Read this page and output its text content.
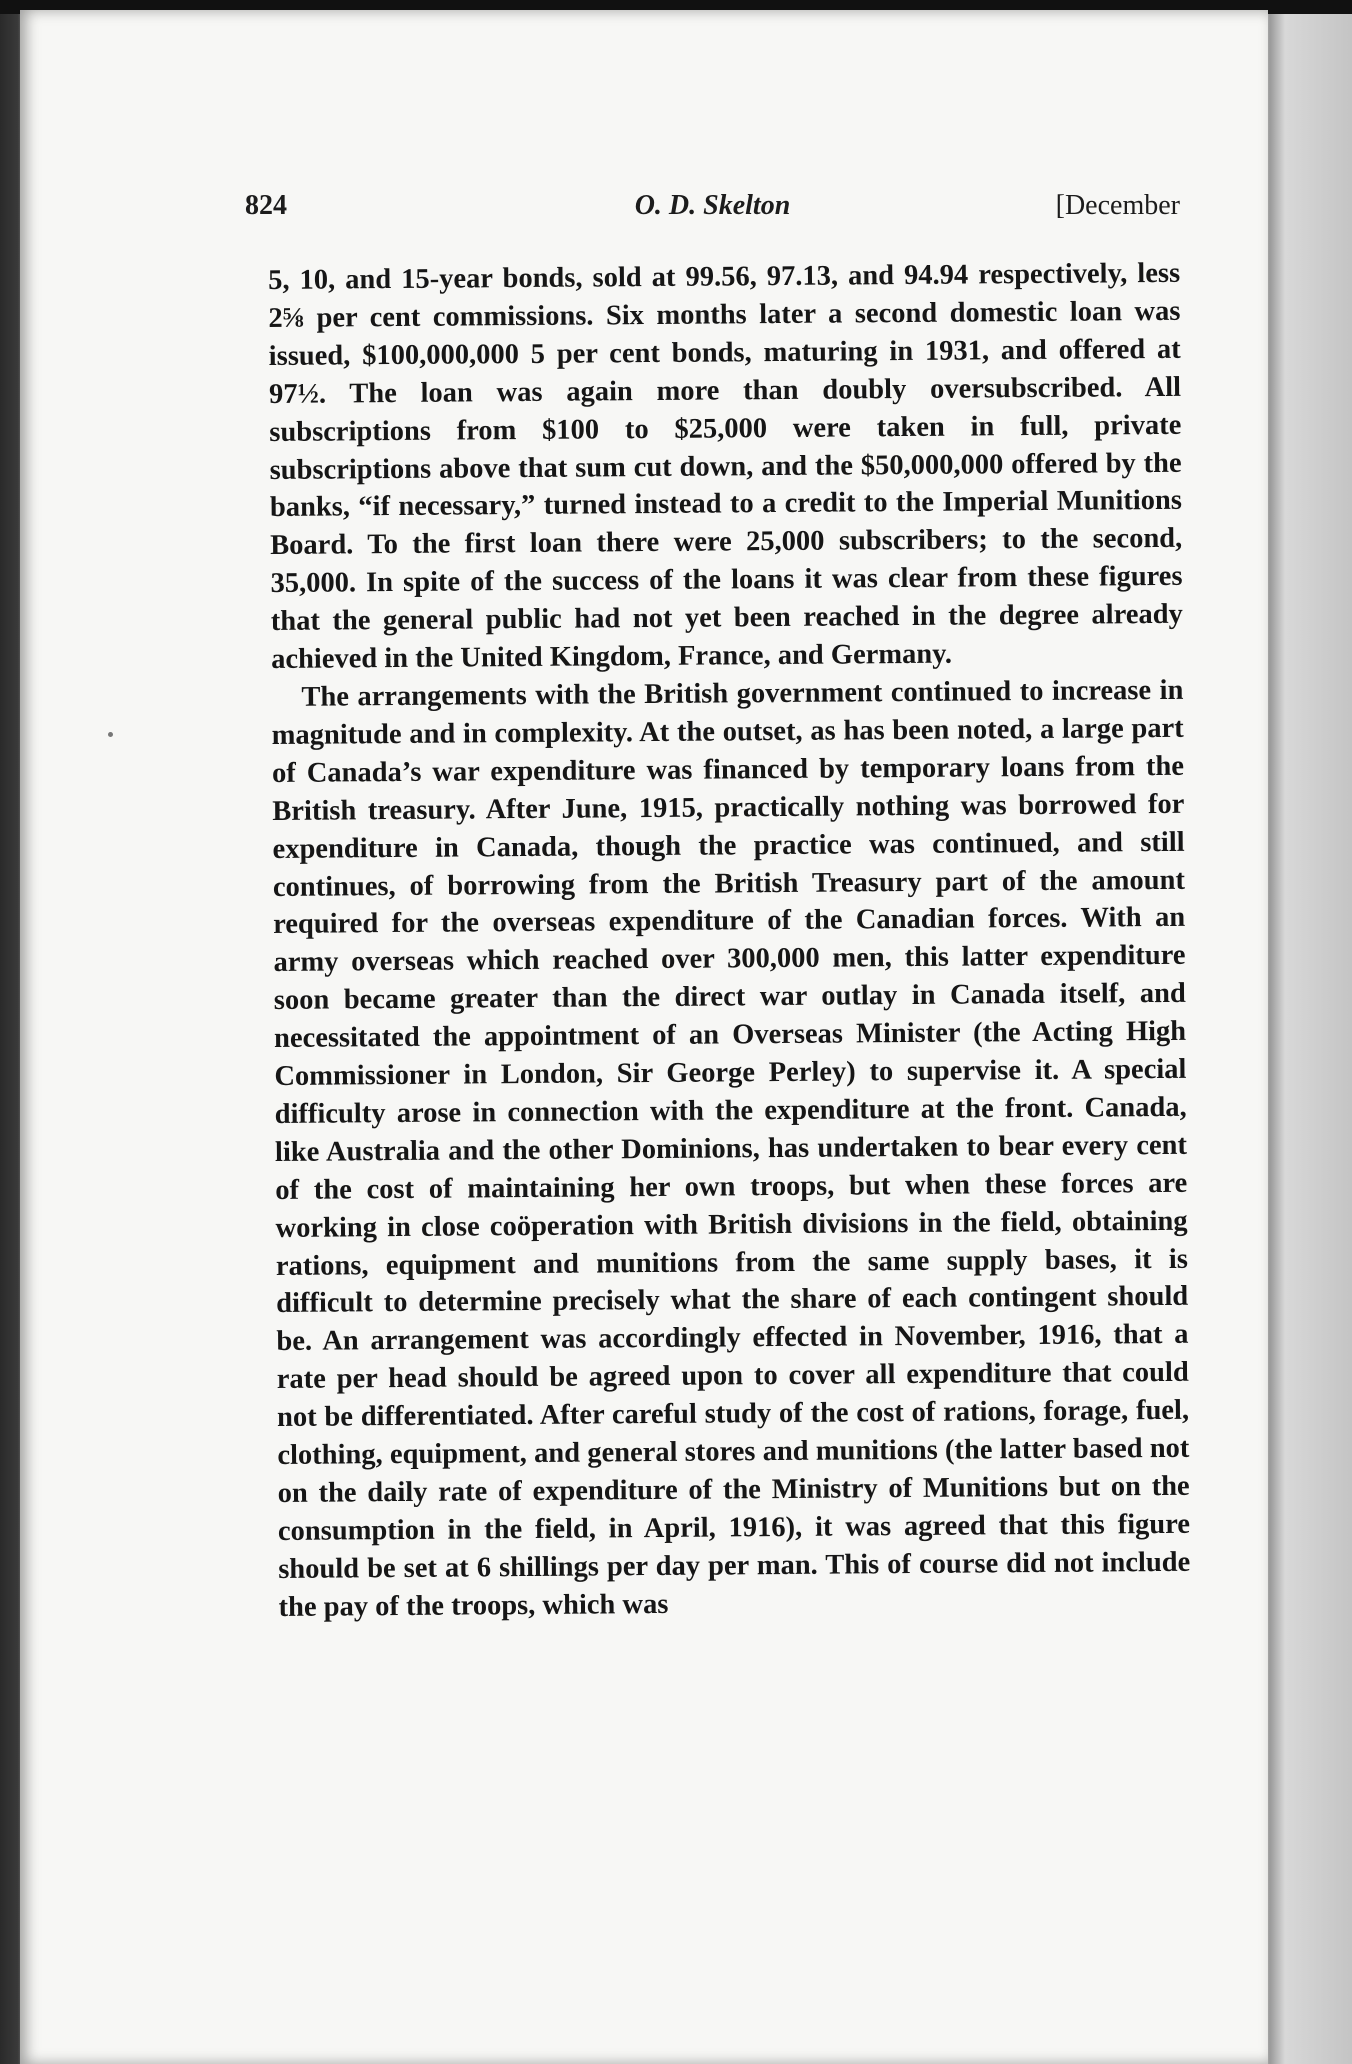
824	O. D. Skelton	[December

5, 10, and 15-year bonds, sold at 99.56, 97.13, and 94.94 respectively, less 2⅝ per cent commissions. Six months later a second domestic loan was issued, $100,000,000 5 per cent bonds, maturing in 1931, and offered at 97½. The loan was again more than doubly oversubscribed. All subscriptions from $100 to $25,000 were taken in full, private subscriptions above that sum cut down, and the $50,000,000 offered by the banks, “if necessary,” turned instead to a credit to the Imperial Munitions Board. To the first loan there were 25,000 subscribers; to the second, 35,000. In spite of the success of the loans it was clear from these figures that the general public had not yet been reached in the degree already achieved in the United Kingdom, France, and Germany.

The arrangements with the British government continued to increase in magnitude and in complexity. At the outset, as has been noted, a large part of Canada’s war expenditure was financed by temporary loans from the British treasury. After June, 1915, practically nothing was borrowed for expenditure in Canada, though the practice was continued, and still continues, of borrowing from the British Treasury part of the amount required for the overseas expenditure of the Canadian forces. With an army overseas which reached over 300,000 men, this latter expenditure soon became greater than the direct war outlay in Canada itself, and necessitated the appointment of an Overseas Minister (the Acting High Commissioner in London, Sir George Perley) to supervise it. A special difficulty arose in connection with the expenditure at the front. Canada, like Australia and the other Dominions, has undertaken to bear every cent of the cost of maintaining her own troops, but when these forces are working in close coöperation with British divisions in the field, obtaining rations, equipment and munitions from the same supply bases, it is difficult to determine precisely what the share of each contingent should be. An arrangement was accordingly effected in November, 1916, that a rate per head should be agreed upon to cover all expenditure that could not be differentiated. After careful study of the cost of rations, forage, fuel, clothing, equipment, and general stores and munitions (the latter based not on the daily rate of expenditure of the Ministry of Munitions but on the consumption in the field, in April, 1916), it was agreed that this figure should be set at 6 shillings per day per man. This of course did not include the pay of the troops, which was
